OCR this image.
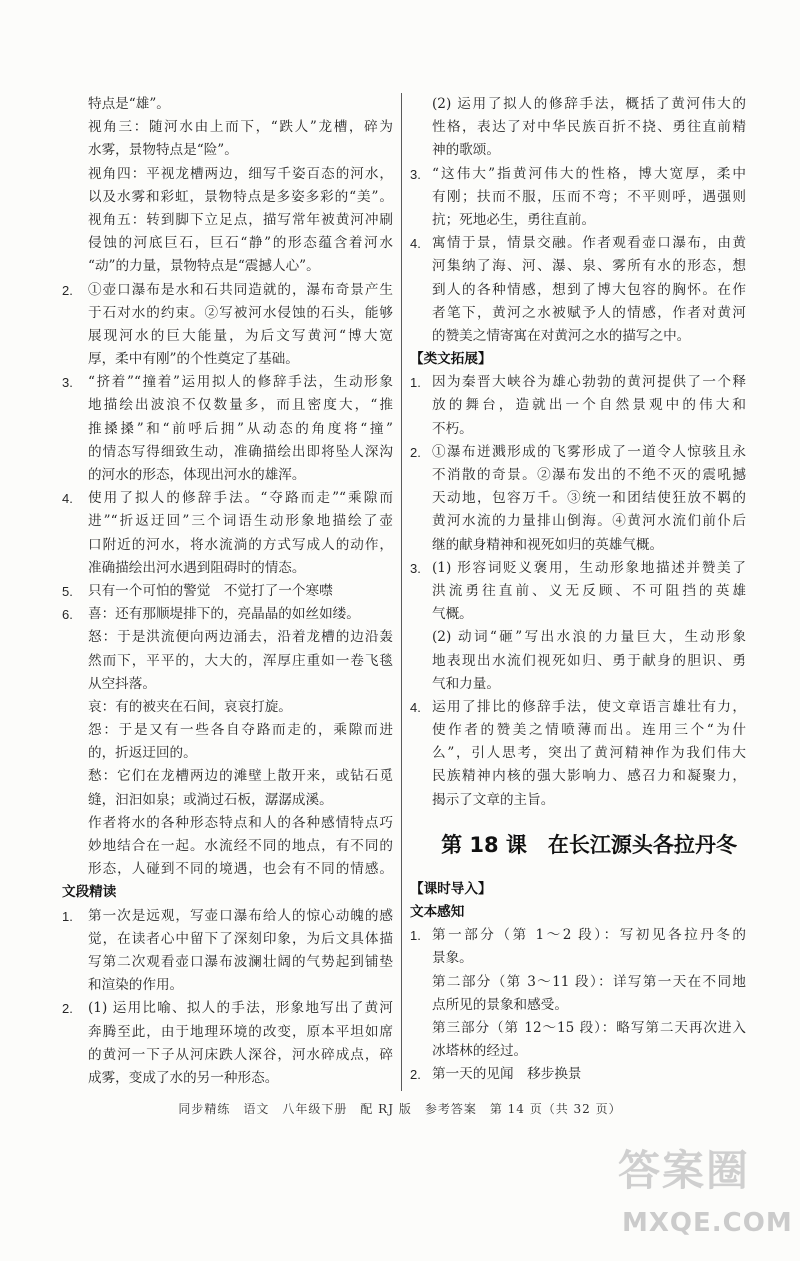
特点是“雄”。
视角三：随河水由上而下，“跌人”龙槽，碎为
水雾，景物特点是“险”。
视角四：平视龙槽两边，细写千姿百态的河水，
以及水雾和彩虹，景物特点是多姿多彩的“美”。
视角五：转到脚下立足点，描写常年被黄河冲刷
侵蚀的河底巨石，巨石“静”的形态蕴含着河水
“动”的力量，景物特点是“震撼人心”。
2. ①壶口瀑布是水和石共同造就的，瀑布奇景产生
于石对水的约束。②写被河水侵蚀的石头，能够
展现河水的巨大能量，为后文写黄河“博大宽
厚，柔中有刚”的个性奠定了基础。
3. “挤着”“撞着”运用拟人的修辞手法，生动形象
地描绘出波浪不仅数量多，而且密度大，“推
推搡搡”和“前呼后拥”从动态的角度将“撞”
的情态写得细致生动，准确描绘出即将坠人深沟
的河水的形态，体现出河水的雄浑。
4. 使用了拟人的修辞手法。“夺路而走”“乘隙而
进”“折返迂回”三个词语生动形象地描绘了壶
口附近的河水，将水流淌的方式写成人的动作，
准确描绘出河水遇到阻碍时的情态。
5. 只有一个可怕的警觉　不觉打了一个寒噤
6. 喜：还有那顺堤排下的，亮晶晶的如丝如缕。
怒：于是洪流便向两边涌去，沿着龙槽的边沿轰
然而下，平平的，大大的，浑厚庄重如一卷飞毯
从空抖落。
哀：有的被夹在石间，哀哀打旋。
怨：于是又有一些各自夺路而走的，乘隙而进
的，折返迂回的。
愁：它们在龙槽两边的滩壁上散开来，或钻石觅
缝，汩汩如泉；或淌过石板，潺潺成溪。
作者将水的各种形态特点和人的各种感情特点巧
妙地结合在一起。水流经不同的地点，有不同的
形态，人碰到不同的境遇，也会有不同的情感。
文段精读
1. 第一次是远观，写壶口瀑布给人的惊心动魄的感
觉，在读者心中留下了深刻印象，为后文具体描
写第二次观看壶口瀑布波澜壮阔的气势起到铺垫
和渲染的作用。
2. (1) 运用比喻、拟人的手法，形象地写出了黄河
奔腾至此，由于地理环境的改变，原本平坦如席
的黄河一下子从河床跌人深谷，河水碎成点，碎
成雾，变成了水的另一种形态。
(2) 运用了拟人的修辞手法，概括了黄河伟大的
性格，表达了对中华民族百折不挠、勇往直前精
神的歌颂。
3. “这伟大”指黄河伟大的性格，博大宽厚，柔中
有刚；扶而不服，压而不弯；不平则呼，遇强则
抗；死地必生，勇往直前。
4. 寓情于景，情景交融。作者观看壶口瀑布，由黄
河集纳了海、河、瀑、泉、雾所有水的形态，想
到人的各种情感，想到了博大包容的胸怀。在作
者笔下，黄河之水被赋予人的情感，作者对黄河
的赞美之情寄寓在对黄河之水的描写之中。
【类文拓展】
1. 因为秦晋大峡谷为雄心勃勃的黄河提供了一个释
放的舞台，造就出一个自然景观中的伟大和
不朽。
2. ①瀑布迸溅形成的飞雾形成了一道令人惊骇且永
不消散的奇景。②瀑布发出的不绝不灭的震吼撼
天动地，包容万千。③统一和团结使狂放不羁的
黄河水流的力量排山倒海。④黄河水流们前仆后
继的献身精神和视死如归的英雄气概。
3. (1) 形容词贬义褒用，生动形象地描述并赞美了
洪流勇往直前、义无反顾、不可阻挡的英雄
气概。
(2) 动词“砸”写出水浪的力量巨大，生动形象
地表现出水流们视死如归、勇于献身的胆识、勇
气和力量。
4. 运用了排比的修辞手法，使文章语言雄壮有力，
使作者的赞美之情喷薄而出。连用三个“为什
么”，引人思考，突出了黄河精神作为我们伟大
民族精神内核的强大影响力、感召力和凝聚力，
揭示了文章的主旨。
第 18 课　在长江源头各拉丹冬
【课时导入】
文本感知
1. 第一部分（第 1～2 段）：写初见各拉丹冬的
景象。
第二部分（第 3～11 段）：详写第一天在不同地
点所见的景象和感受。
第三部分（第 12～15 段）：略写第二天再次进入
冰塔林的经过。
2. 第一天的见闻　移步换景
同步精练　语文　八年级下册　配 RJ 版　参考答案　第 14 页（共 32 页）
答案圈
MXQE.COM
